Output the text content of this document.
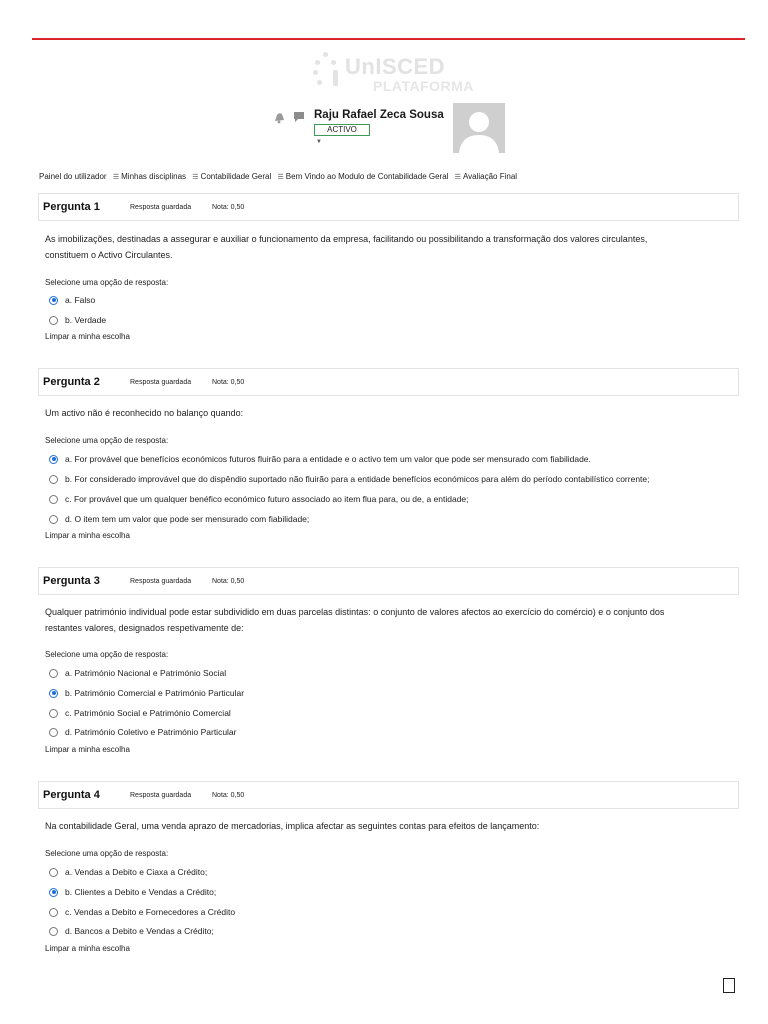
UnISCED
PLATAFORMA
Raju Rafael Zeca Sousa
ACTIVO
▼
Painel do utilizador ☰ Minhas disciplinas ☰ Contabilidade Geral ☰ Bem Vindo ao Modulo de Contabilidade Geral ☰ Avaliação Final
Pergunta 1	Resposta guardada	Nota: 0,50
As imobilizações, destinadas a assegurar e auxiliar o funcionamento da empresa, facilitando ou possibilitando a transformação dos valores circulantes,
constituem o Activo Circulantes.
Selecione uma opção de resposta:
a. Falso
b. Verdade
Limpar a minha escolha
Pergunta 2	Resposta guardada	Nota: 0,50
Um activo não é reconhecido no balanço quando:
Selecione uma opção de resposta:
a. For provável que benefícios económicos futuros fluirão para a entidade e o activo tem um valor que pode ser mensurado com fiabilidade.
b. For considerado improvável que do dispêndio suportado não fluirão para a entidade benefícios económicos para além do período contabilístico corrente;
c. For provável que um qualquer benéfico económico futuro associado ao item flua para, ou de, a entidade;
d. O item tem um valor que pode ser mensurado com fiabilidade;
Limpar a minha escolha
Pergunta 3	Resposta guardada	Nota: 0,50
Qualquer património individual pode estar subdividido em duas parcelas distintas: o conjunto de valores afectos ao exercício do comércio) e o conjunto dos
restantes valores, designados respetivamente de:
Selecione uma opção de resposta:
a. Património Nacional e Património Social
b. Património Comercial e Património Particular
c. Património Social e Património Comercial
d. Património Coletivo e Património Particular
Limpar a minha escolha
Pergunta 4	Resposta guardada	Nota: 0,50
Na contabilidade Geral, uma venda aprazo de mercadorias, implica afectar as seguintes contas para efeitos de lançamento:
Selecione uma opção de resposta:
a. Vendas a Debito e Ciaxa a Crédito;
b. Clientes a Debito e Vendas a Crédito;
c. Vendas a Debito e Fornecedores a Crédito
d. Bancos a Debito e Vendas a Crédito;
Limpar a minha escolha
